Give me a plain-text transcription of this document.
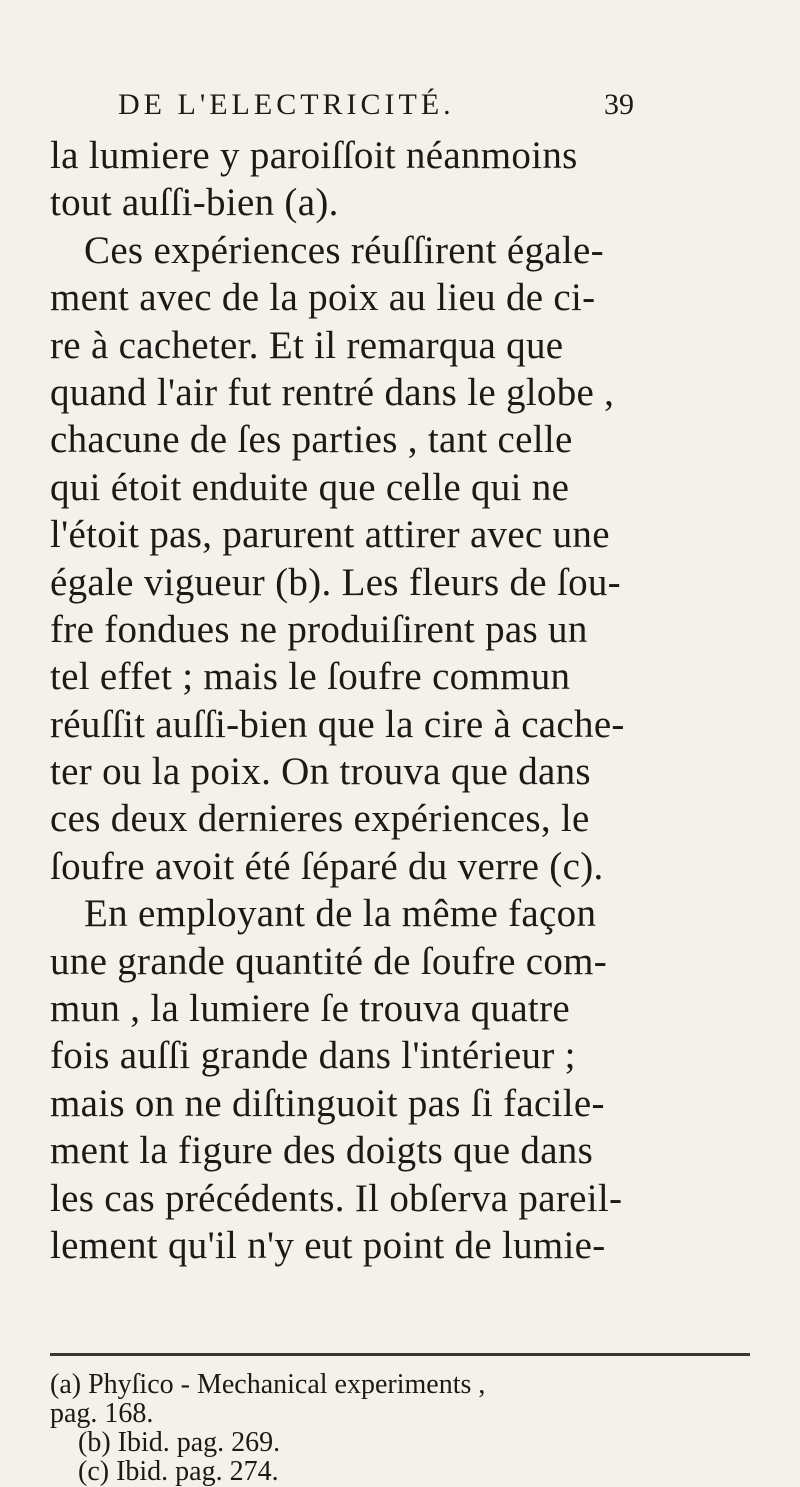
DE L'ELECTRICITÉ.	39
la lumiere y paroiſſoit néanmoins
tout auſſi-bien (a).
Ces expériences réuſſirent égale-
ment avec de la poix au lieu de ci-
re à cacheter. Et il remarqua que
quand l'air fut rentré dans le globe ,
chacune de ſes parties , tant celle
qui étoit enduite que celle qui ne
l'étoit pas, parurent attirer avec une
égale vigueur (b). Les fleurs de ſou-
fre fondues ne produiſirent pas un
tel effet ; mais le ſoufre commun
réuſſit auſſi-bien que la cire à cache-
ter ou la poix. On trouva que dans
ces deux dernieres expériences, le
ſoufre avoit été ſéparé du verre (c).
En employant de la même façon
une grande quantité de ſoufre com-
mun , la lumiere ſe trouva quatre
fois auſſi grande dans l'intérieur ;
mais on ne diſtinguoit pas ſi facile-
ment la figure des doigts que dans
les cas précédents. Il obſerva pareil-
lement qu'il n'y eut point de lumie-
(a) Phyſico - Mechanical experiments ,
pag. 168.
(b) Ibid. pag. 269.
(c) Ibid. pag. 274.
